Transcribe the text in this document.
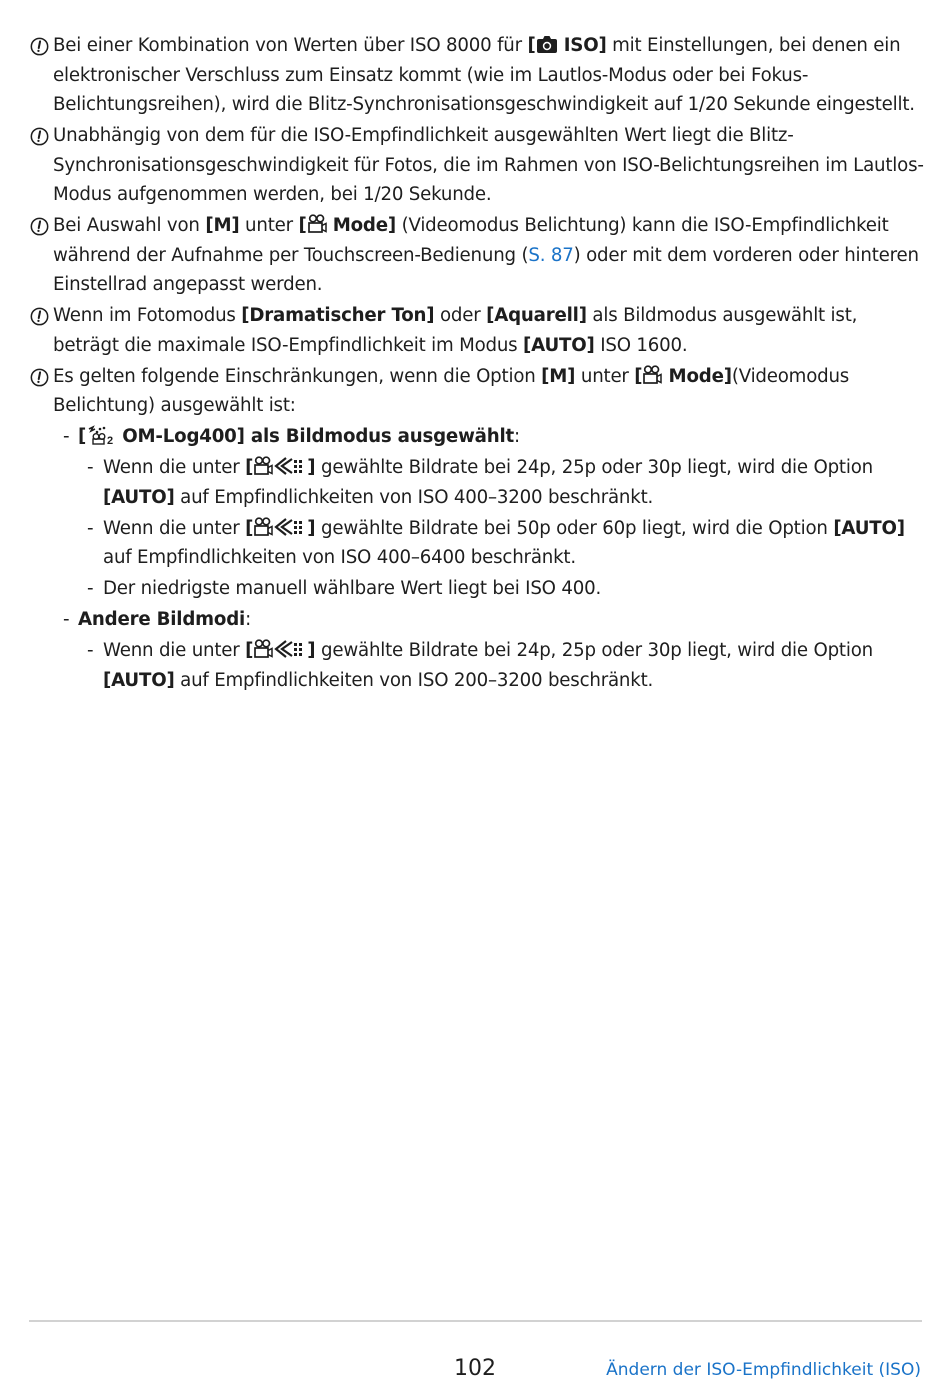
Bei einer Kombination von Werten über ISO 8000 für [ ISO] mit Einstellungen, bei denen ein elektronischer Verschluss zum Einsatz kommt (wie im Lautlos-Modus oder bei Fokus-Belichtungsreihen), wird die Blitz-Synchronisationsgeschwindigkeit auf 1/20 Sekunde eingestellt.
Unabhängig von dem für die ISO-Empfindlichkeit ausgewählten Wert liegt die Blitz-Synchronisationsgeschwindigkeit für Fotos, die im Rahmen von ISO-Belichtungsreihen im Lautlos-Modus aufgenommen werden, bei 1/20 Sekunde.
Bei Auswahl von [M] unter [ Mode] (Videomodus Belichtung) kann die ISO-Empfindlichkeit während der Aufnahme per Touchscreen-Bedienung (S. 87) oder mit dem vorderen oder hinteren Einstellrad angepasst werden.
Wenn im Fotomodus [Dramatischer Ton] oder [Aquarell] als Bildmodus ausgewählt ist, beträgt die maximale ISO-Empfindlichkeit im Modus [AUTO] ISO 1600.
Es gelten folgende Einschränkungen, wenn die Option [M] unter [ Mode](Videomodus Belichtung) ausgewählt ist:
- [ 2 OM-Log400] als Bildmodus ausgewählt:
- Wenn die unter [	] gewählte Bildrate bei 24p, 25p oder 30p liegt, wird die Option [AUTO] auf Empfindlichkeiten von ISO 400–3200 beschränkt.
- Wenn die unter [	] gewählte Bildrate bei 50p oder 60p liegt, wird die Option [AUTO] auf Empfindlichkeiten von ISO 400–6400 beschränkt.
- Der niedrigste manuell wählbare Wert liegt bei ISO 400.
- Andere Bildmodi:
- Wenn die unter [	] gewählte Bildrate bei 24p, 25p oder 30p liegt, wird die Option [AUTO] auf Empfindlichkeiten von ISO 200–3200 beschränkt.
102	Ändern der ISO-Empfindlichkeit (ISO)
